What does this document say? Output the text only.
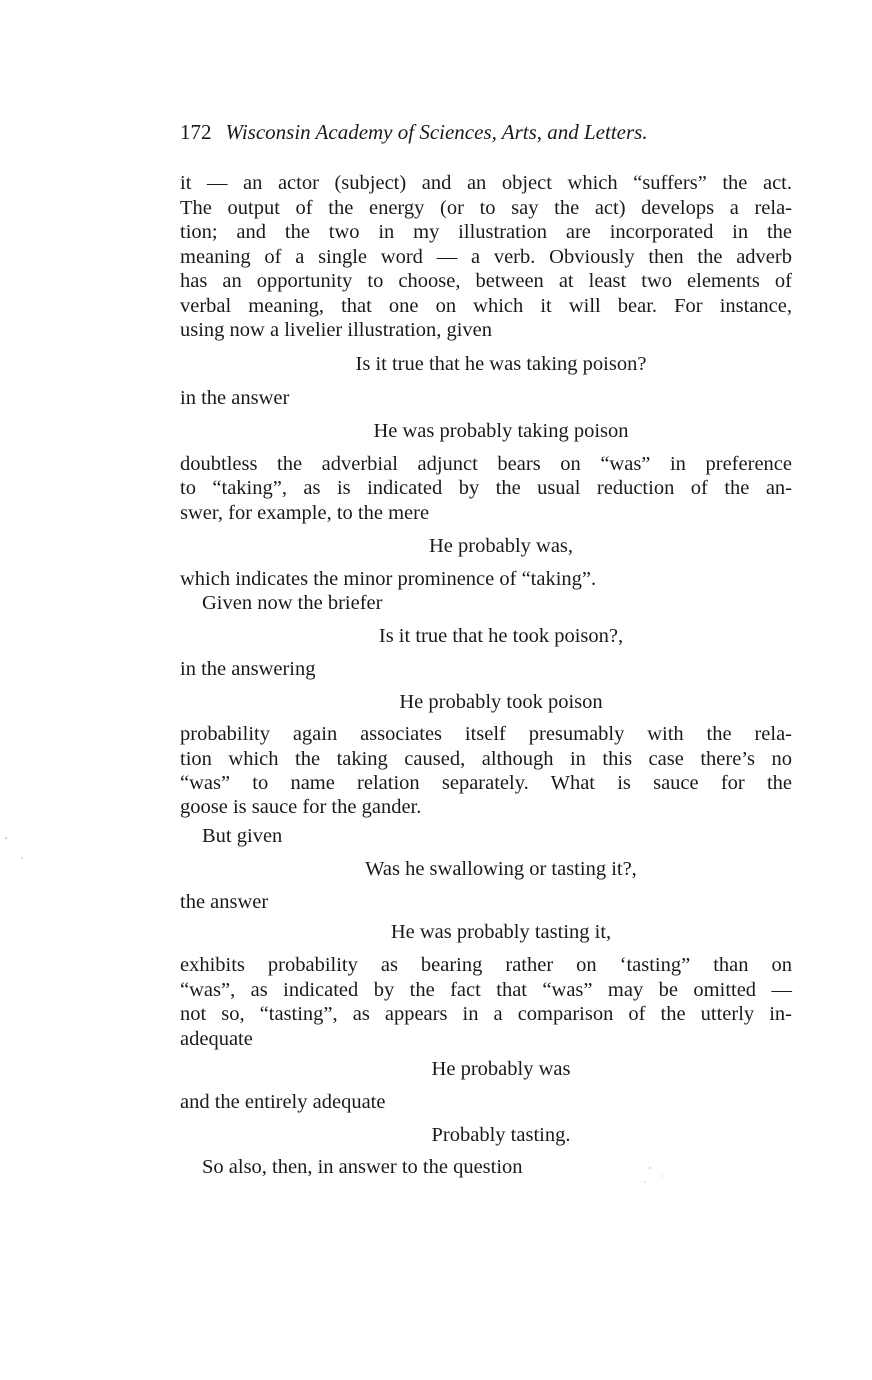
172 Wisconsin Academy of Sciences, Arts, and Letters.
it — an actor (subject) and an object which “suffers” the act.
The output of the energy (or to say the act) develops a rela-
tion; and the two in my illustration are incorporated in the
meaning of a single word — a verb. Obviously then the adverb
has an opportunity to choose, between at least two elements of
verbal meaning, that one on which it will bear. For instance,
using now a livelier illustration, given
Is it true that he was taking poison?
in the answer
He was probably taking poison
doubtless the adverbial adjunct bears on “was” in preference
to “taking”, as is indicated by the usual reduction of the an-
swer, for example, to the mere
He probably was,
which indicates the minor prominence of “taking”.
Given now the briefer
Is it true that he took poison?,
in the answering
He probably took poison
probability again associates itself presumably with the rela-
tion which the taking caused, although in this case there’s no
“was” to name relation separately. What is sauce for the
goose is sauce for the gander.
But given
Was he swallowing or tasting it?,
the answer
He was probably tasting it,
exhibits probability as bearing rather on ‘tasting” than on
“was”, as indicated by the fact that “was” may be omitted —
not so, “tasting”, as appears in a comparison of the utterly in-
adequate
He probably was
and the entirely adequate
Probably tasting.
So also, then, in answer to the question
